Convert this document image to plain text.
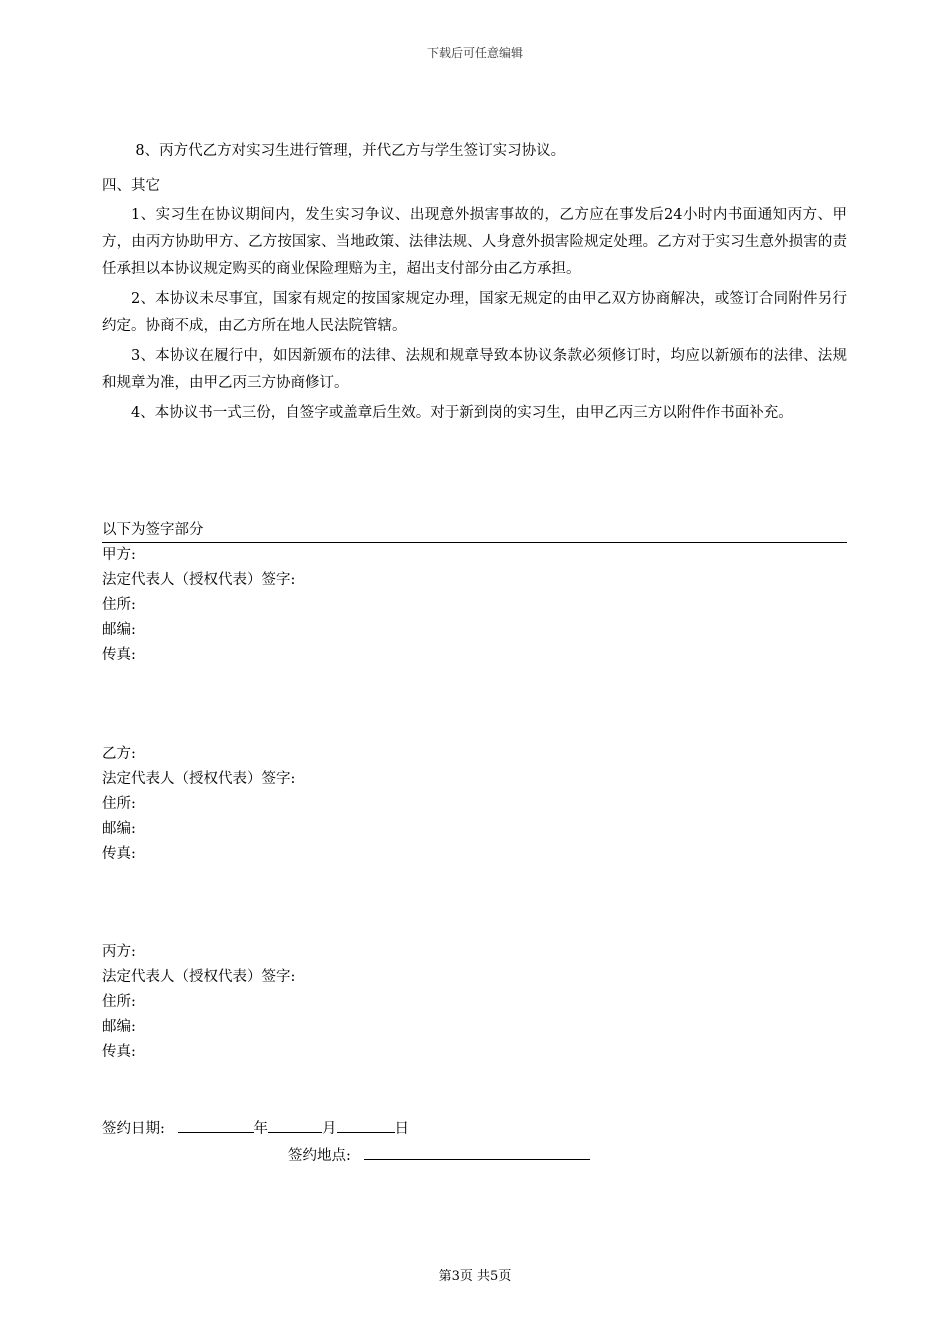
下载后可任意编辑

8、丙方代乙方对实习生进行管理，并代乙方与学生签订实习协议。

四、其它

1、实习生在协议期间内，发生实习争议、出现意外损害事故的，乙方应在事发后24小时内书面通知丙方、甲方，由丙方协助甲方、乙方按国家、当地政策、法律法规、人身意外损害险规定处理。乙方对于实习生意外损害的责任承担以本协议规定购买的商业保险理赔为主，超出支付部分由乙方承担。

2、本协议未尽事宜，国家有规定的按国家规定办理，国家无规定的由甲乙双方协商解决，或签订合同附件另行约定。协商不成，由乙方所在地人民法院管辖。

3、本协议在履行中，如因新颁布的法律、法规和规章导致本协议条款必须修订时，均应以新颁布的法律、法规和规章为准，由甲乙丙三方协商修订。

4、本协议书一式三份，自签字或盖章后生效。对于新到岗的实习生，由甲乙丙三方以附件作书面补充。

以下为签字部分
甲方:
法定代表人（授权代表）签字:
住所:
邮编:
传真:
乙方:
法定代表人（授权代表）签字:
住所:
邮编:
传真:
丙方:
法定代表人（授权代表）签字:
住所:
邮编:
传真:
签约日期:	年	月	日
签约地点:
第3页 共5页
